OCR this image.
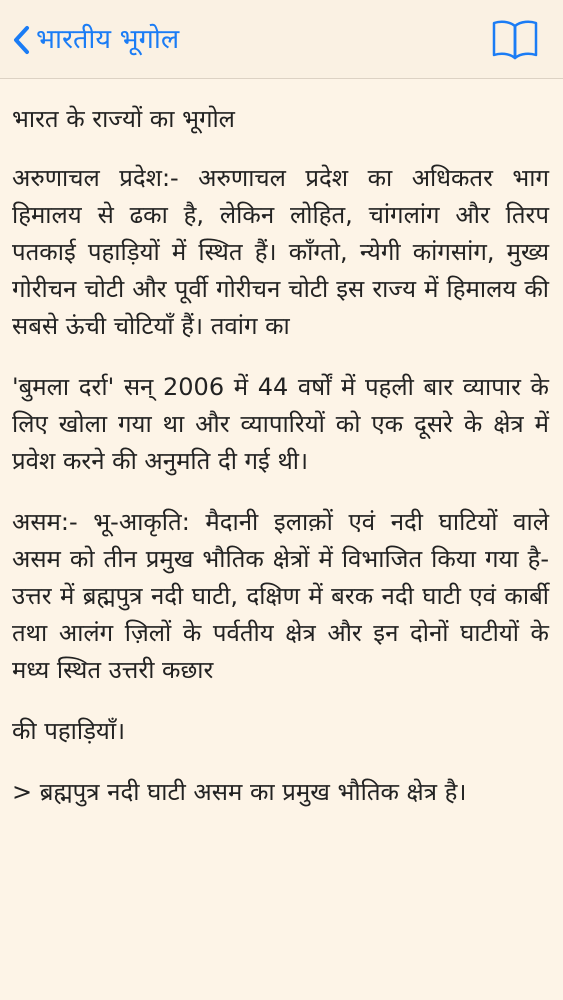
भारतीय भूगोल

भारत के राज्यों का भूगोल

अरुणाचल प्रदेश:- अरुणाचल प्रदेश का अधिकतर भाग हिमालय से ढका है, लेकिन लोहित, चांगलांग और तिरप पतकाई पहाड़ियों में स्थित हैं। काँग्तो, न्येगी कांगसांग, मुख्य गोरीचन चोटी और पूर्वी गोरीचन चोटी इस राज्य में हिमालय की सबसे ऊंची चोटियाँ हैं। तवांग का

'बुमला दर्रा' सन् 2006 में 44 वर्षों में पहली बार व्यापार के लिए खोला गया था और व्यापारियों को एक दूसरे के क्षेत्र में प्रवेश करने की अनुमति दी गई थी।

असम:- भू-आकृति: मैदानी इलाक़ों एवं नदी घाटियों वाले असम को तीन प्रमुख भौतिक क्षेत्रों में विभाजित किया गया है- उत्तर में ब्रह्मपुत्र नदी घाटी, दक्षिण में बरक नदी घाटी एवं कार्बी तथा आलंग ज़िलों के पर्वतीय क्षेत्र और इन दोनों घाटीयों के मध्य स्थित उत्तरी कछार

की पहाड़ियाँ।

> ब्रह्मपुत्र नदी घाटी असम का प्रमुख भौतिक क्षेत्र है।
